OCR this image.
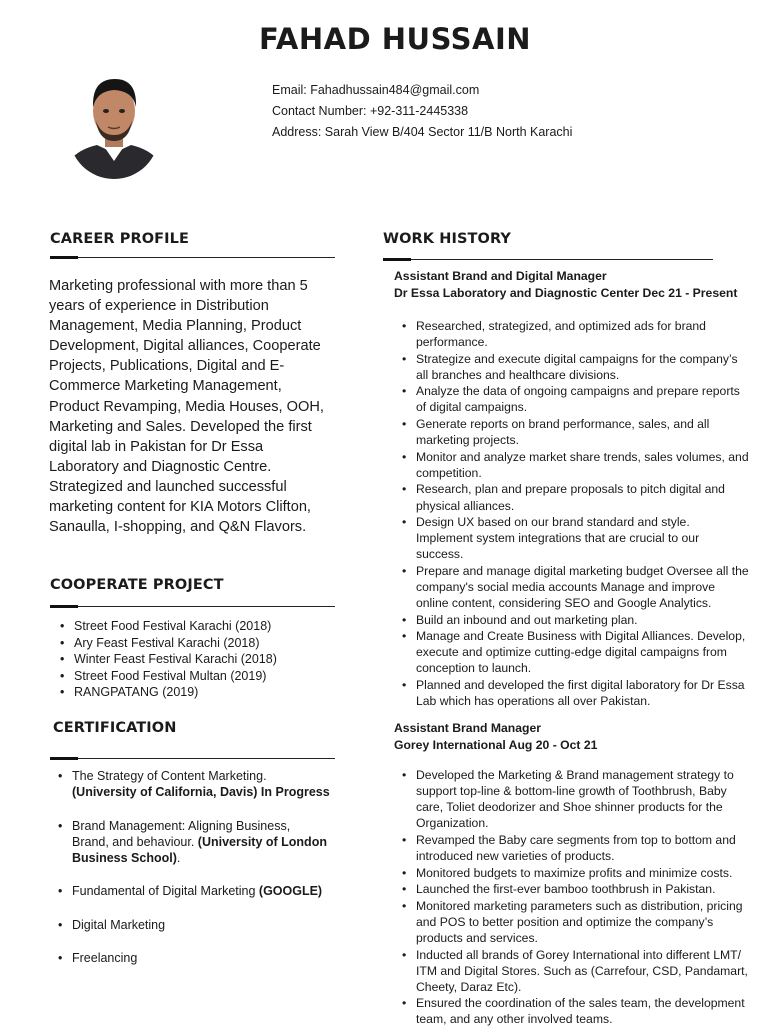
FAHAD HUSSAIN
Email: Fahadhussain484@gmail.com
Contact Number: +92-311-2445338
Address: Sarah View B/404 Sector 11/B North Karachi
CAREER PROFILE
Marketing professional with more than 5
years of experience in Distribution
Management, Media Planning, Product
Development, Digital alliances, Cooperate
Projects, Publications, Digital and E-
Commerce Marketing Management,
Product Revamping, Media Houses, OOH,
Marketing and Sales. Developed the first
digital lab in Pakistan for Dr Essa
Laboratory and Diagnostic Centre.
Strategized and launched successful
marketing content for KIA Motors Clifton,
Sanaulla, I-shopping, and Q&N Flavors.
COOPERATE PROJECT
• Street Food Festival Karachi (2018)
• Ary Feast Festival Karachi (2018)
• Winter Feast Festival Karachi (2018)
• Street Food Festival Multan (2019)
• RANGPATANG (2019)
CERTIFICATION
• The Strategy of Content Marketing.
(University of California, Davis) In Progress
• Brand Management: Aligning Business,
Brand, and behaviour. (University of London
Business School).
• Fundamental of Digital Marketing (GOOGLE)
• Digital Marketing
• Freelancing
WORK HISTORY
Assistant Brand and Digital Manager
Dr Essa Laboratory and Diagnostic Center Dec 21 - Present
• Researched, strategized, and optimized ads for brand
performance.
• Strategize and execute digital campaigns for the company’s
all branches and healthcare divisions.
• Analyze the data of ongoing campaigns and prepare reports
of digital campaigns.
• Generate reports on brand performance, sales, and all
marketing projects.
• Monitor and analyze market share trends, sales volumes, and
competition.
• Research, plan and prepare proposals to pitch digital and
physical alliances.
• Design UX based on our brand standard and style.
Implement system integrations that are crucial to our
success.
• Prepare and manage digital marketing budget Oversee all the
company's social media accounts Manage and improve
online content, considering SEO and Google Analytics.
• Build an inbound and out marketing plan.
• Manage and Create Business with Digital Alliances. Develop,
execute and optimize cutting-edge digital campaigns from
conception to launch.
• Planned and developed the first digital laboratory for Dr Essa
Lab which has operations all over Pakistan.
Assistant Brand Manager
Gorey International Aug 20 - Oct 21
• Developed the Marketing & Brand management strategy to
support top-line & bottom-line growth of Toothbrush, Baby
care, Toliet deodorizer and Shoe shinner products for the
Organization.
• Revamped the Baby care segments from top to bottom and
introduced new varieties of products.
• Monitored budgets to maximize profits and minimize costs.
• Launched the first-ever bamboo toothbrush in Pakistan.
• Monitored marketing parameters such as distribution, pricing
and POS to better position and optimize the company’s
products and services.
• Inducted all brands of Gorey International into different LMT/
ITM and Digital Stores. Such as (Carrefour, CSD, Pandamart,
Cheety, Daraz Etc).
• Ensured the coordination of the sales team, the development
team, and any other involved teams.
